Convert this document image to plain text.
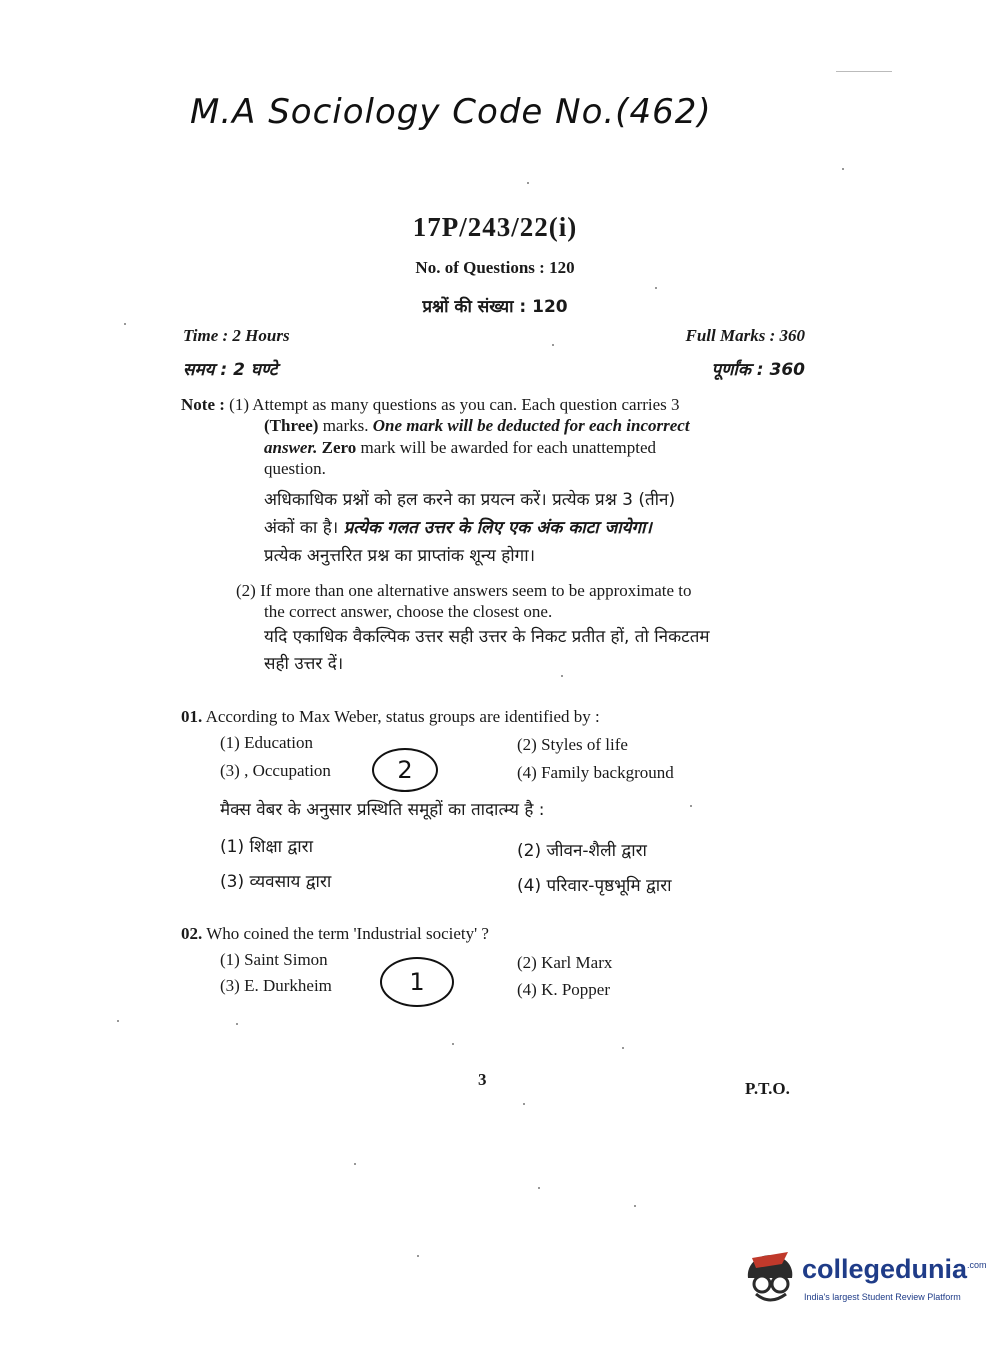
M.A Sociology Code No.(462)
17P/243/22(i)
No. of Questions : 120
प्रश्नों की संख्या : 120
Time : 2 Hours	Full Marks : 360
समय : 2 घण्टे	पूर्णांक : 360
Note : (1) Attempt as many questions as you can. Each question carries 3
(Three) marks. One mark will be deducted for each incorrect
answer. Zero mark will be awarded for each unattempted
question.
अधिकाधिक प्रश्नों को हल करने का प्रयत्न करें। प्रत्येक प्रश्न 3 (तीन)
अंकों का है। प्रत्येक गलत उत्तर के लिए एक अंक काटा जायेगा।
प्रत्येक अनुत्तरित प्रश्न का प्राप्तांक शून्य होगा।
(2) If more than one alternative answers seem to be approximate to
the correct answer, choose the closest one.
यदि एकाधिक वैकल्पिक उत्तर सही उत्तर के निकट प्रतीत हों, तो निकटतम
सही उत्तर दें।
01. According to Max Weber, status groups are identified by :
(1) Education	(2) Styles of life
(3) , Occupation	(4) Family background
2
मैक्स वेबर के अनुसार प्रस्थिति समूहों का तादात्म्य है :
(1) शिक्षा द्वारा	(2) जीवन-शैली द्वारा
(3) व्यवसाय द्वारा	(4) परिवार-पृष्ठभूमि द्वारा
02. Who coined the term 'Industrial society' ?
(1) Saint Simon	(2) Karl Marx
(3) E. Durkheim	(4) K. Popper
1
3	P.T.O.
collegedunia$^{.com}$
India's largest Student Review Platform
